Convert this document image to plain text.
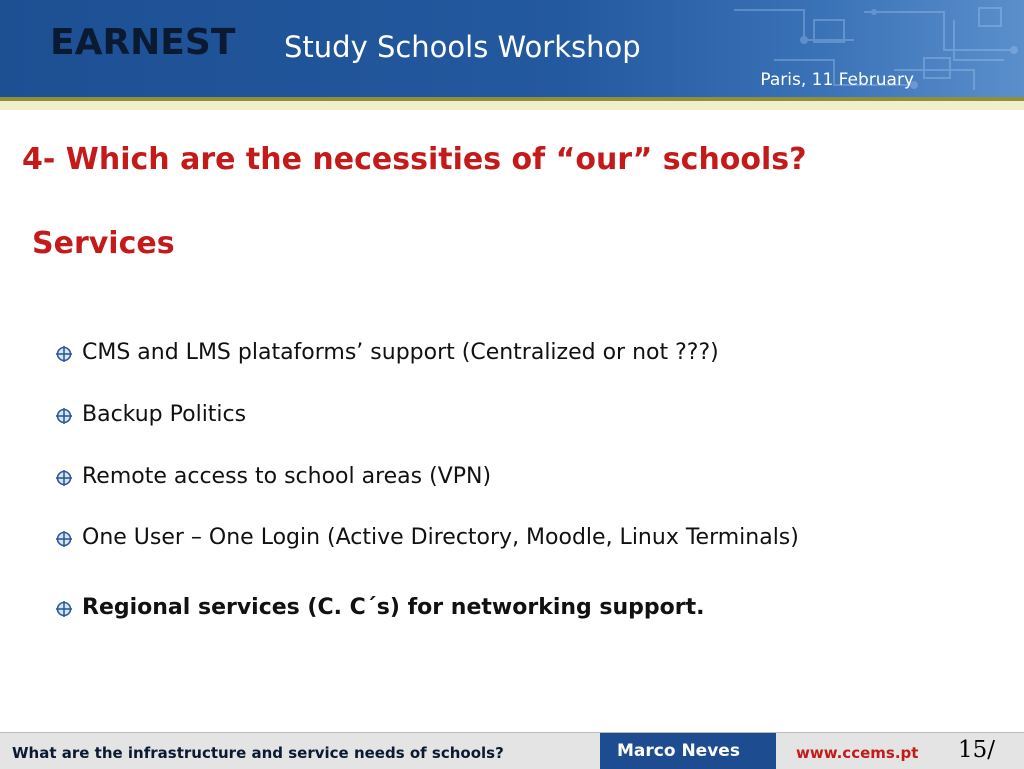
EARNEST Study Schools Workshop
Paris, 11 February
4- Which are the necessities of “our” schools?
Services
CMS and LMS plataforms’ support (Centralized or not ???)
Backup Politics
Remote access to school areas (VPN)
One User – One Login (Active Directory, Moodle, Linux Terminals)
Regional services (C. C´s) for networking support.
What are the infrastructure and service needs of schools?	Marco Neves	www.ccems.pt 15/
